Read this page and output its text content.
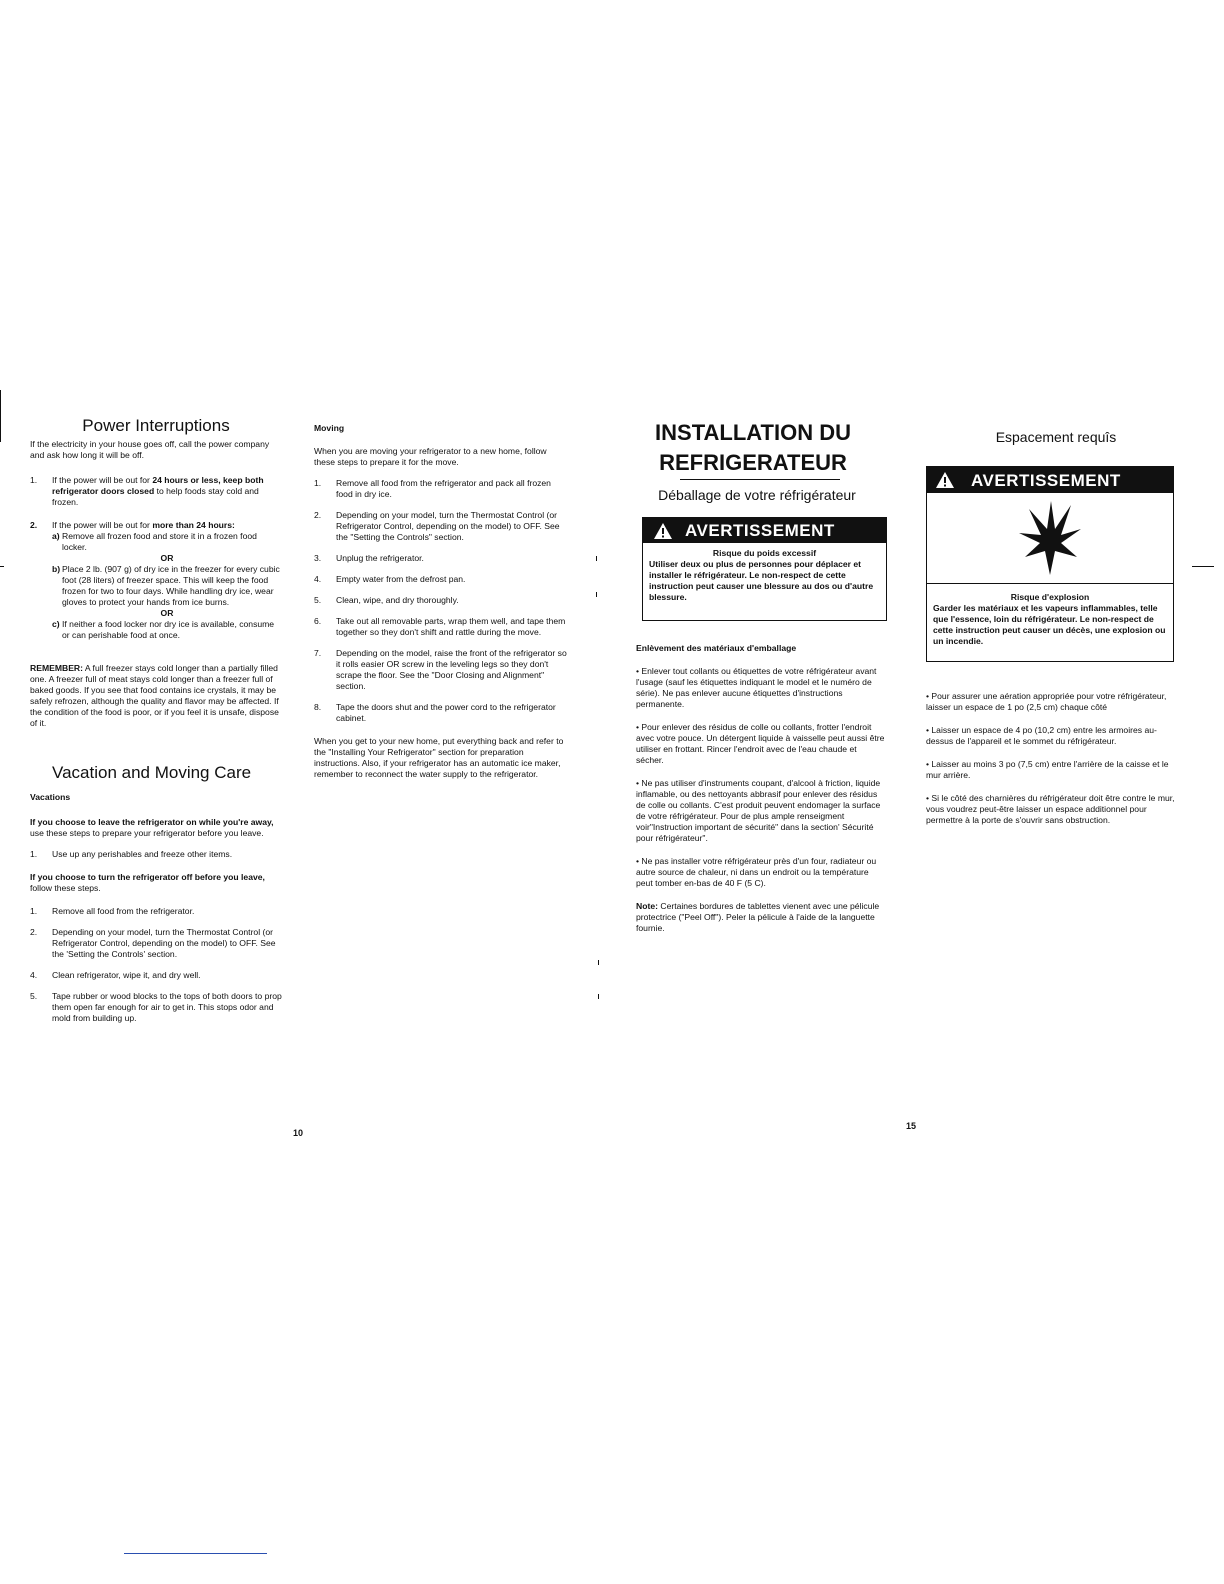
Power Interruptions

If the electricity in your house goes off, call the power company and ask how long it will be off.

1. If the power will be out for 24 hours or less, keep both refrigerator doors closed to help foods stay cold and frozen.
2. If the power will be out for more than 24 hours:
a) Remove all frozen food and store it in a frozen food locker.

OR

b) Place 2 lb. (907 g) of dry ice in the freezer for every cubic foot (28 liters) of freezer space. This will keep the food frozen for two to four days. While handling dry ice, wear gloves to protect your hands from ice burns.

OR

c) If neither a food locker nor dry ice is available, consume or can perishable food at once.

REMEMBER: A full freezer stays cold longer than a partially filled one. A freezer full of meat stays cold longer than a freezer full of baked goods. If you see that food contains ice crystals, it may be safely refrozen, although the quality and flavor may be affected. If the condition of the food is poor, or if you feel it is unsafe, dispose of it.

Vacation and Moving Care

Vacations

If you choose to leave the refrigerator on while you're away, use these steps to prepare your refrigerator before you leave.

1. Use up any perishables and freeze other items.

If you choose to turn the refrigerator off before you leave, follow these steps.

1. Remove all food from the refrigerator.
2. Depending on your model, turn the Thermostat Control (or Refrigerator Control, depending on the model) to OFF. See the 'Setting the Controls' section.
4. Clean refrigerator, wipe it, and dry well.
5. Tape rubber or wood blocks to the tops of both doors to prop them open far enough for air to get in. This stops odor and mold from building up.

Moving

When you are moving your refrigerator to a new home, follow these steps to prepare it for the move.

1. Remove all food from the refrigerator and pack all frozen food in dry ice.
2. Depending on your model, turn the Thermostat Control (or Refrigerator Control, depending on the model) to OFF. See the "Setting the Controls" section.
3. Unplug the refrigerator.
4. Empty water from the defrost pan.
5. Clean, wipe, and dry thoroughly.
6. Take out all removable parts, wrap them well, and tape them together so they don't shift and rattle during the move.
7. Depending on the model, raise the front of the refrigerator so it rolls easier OR screw in the leveling legs so they don't scrape the floor. See the "Door Closing and Alignment" section.
8. Tape the doors shut and the power cord to the refrigerator cabinet.

When you get to your new home, put everything back and refer to the "Installing Your Refrigerator" section for preparation instructions. Also, if your refrigerator has an automatic ice maker, remember to reconnect the water supply to the refrigerator.

10
INSTALLATION DU
REFRIGERATEUR
Déballage de votre réfrigérateur
AVERTISSEMENT
Risque du poids excessif
Utiliser deux ou plus de personnes pour déplacer et installer le réfrigérateur. Le non-respect de cette instruction peut causer une blessure au dos ou d'autre blessure.

Enlèvement des matériaux d'emballage

• Enlever tout collants ou étiquettes de votre réfrigérateur avant l'usage (sauf les étiquettes indiquant le model et le numéro de série). Ne pas enlever aucune étiquettes d'instructions permanente.
• Pour enlever des résidus de colle ou collants, frotter l'endroit avec votre pouce. Un détergent liquide à vaisselle peut aussi être utiliser en frottant. Rincer l'endroit avec de l'eau chaude et sécher.
• Ne pas utiliser d'instruments coupant, d'alcool à friction, liquide inflamable, ou des nettoyants abbrasif pour enlever des résidus de colle ou collants. C'est produit peuvent endomager la surface de votre réfrigérateur. Pour de plus ample renseigment voir"Instruction important de sécurité" dans la section' Sécurité pour réfrigérateur".
• Ne pas installer votre réfrigérateur près d'un four, radiateur ou autre source de chaleur, ni dans un endroit ou la température peut tomber en-bas de 40 F (5 C).

Note: Certaines bordures de tablettes vienent avec une pélicule protectrice ("Peel Off"). Peler la pélicule à l'aide de la languette fournie.

Espacement requîs
AVERTISSEMENT
Risque d'explosion
Garder les matériaux et les vapeurs inflammables, telle que l'essence, loin du réfrigérateur. Le non-respect de cette instruction peut causer un décès, une explosion ou un incendie.
• Pour assurer une aération appropriée pour votre réfrigérateur, laisser un espace de 1 po (2,5 cm) chaque côté
• Laisser un espace de 4 po (10,2 cm) entre les armoires au-dessus de l'appareil et le sommet du réfrigérateur.
• Laisser au moins 3 po (7,5 cm) entre l'arrière de la caisse et le mur arrière.
• Si le côté des charnières du réfrigérateur doit être contre le mur, vous voudrez peut-être laisser un espace additionnel pour permettre à la porte de s'ouvrir sans obstruction.
15
